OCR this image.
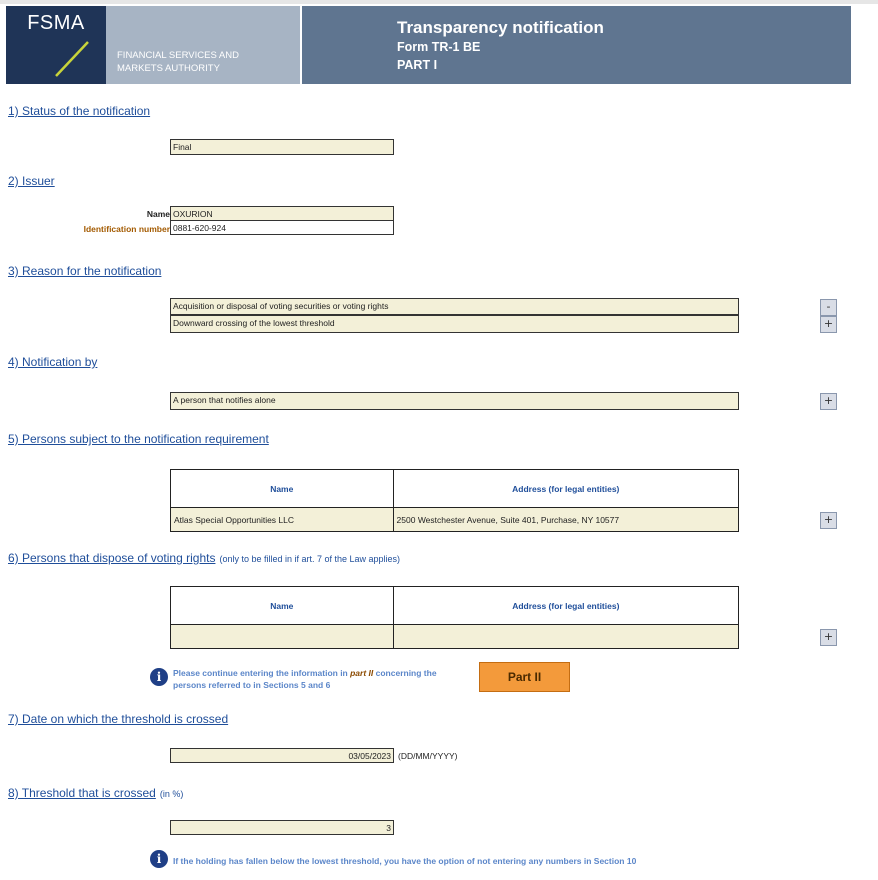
FSMA
FINANCIAL SERVICES AND
MARKETS AUTHORITY
Transparency notification
Form TR-1 BE
PART I
1) Status of the notification
Final
2) Issuer
Name OXURION
Identification number 0881-620-924
3) Reason for the notification
Acquisition or disposal of voting securities or voting rights
Downward crossing of the lowest threshold
-
+
4) Notification by
A person that notifies alone	+
5) Persons subject to the notification requirement
Name	Address (for legal entities)
Atlas Special Opportunities LLC	2500 Westchester Avenue, Suite 401, Purchase, NY 10577	+
6) Persons that dispose of voting rights (only to be filled in if art. 7 of the Law applies)
Name	Address (for legal entities)

+
i	Please continue entering the information in part II concerning the
persons referred to in Sections 5 and 6
Part II
7) Date on which the threshold is crossed
03/05/2023 (DD/MM/YYYY)
8) Threshold that is crossed (in %)
3
i	If the holding has fallen below the lowest threshold, you have the option of not entering any numbers in Section 10
